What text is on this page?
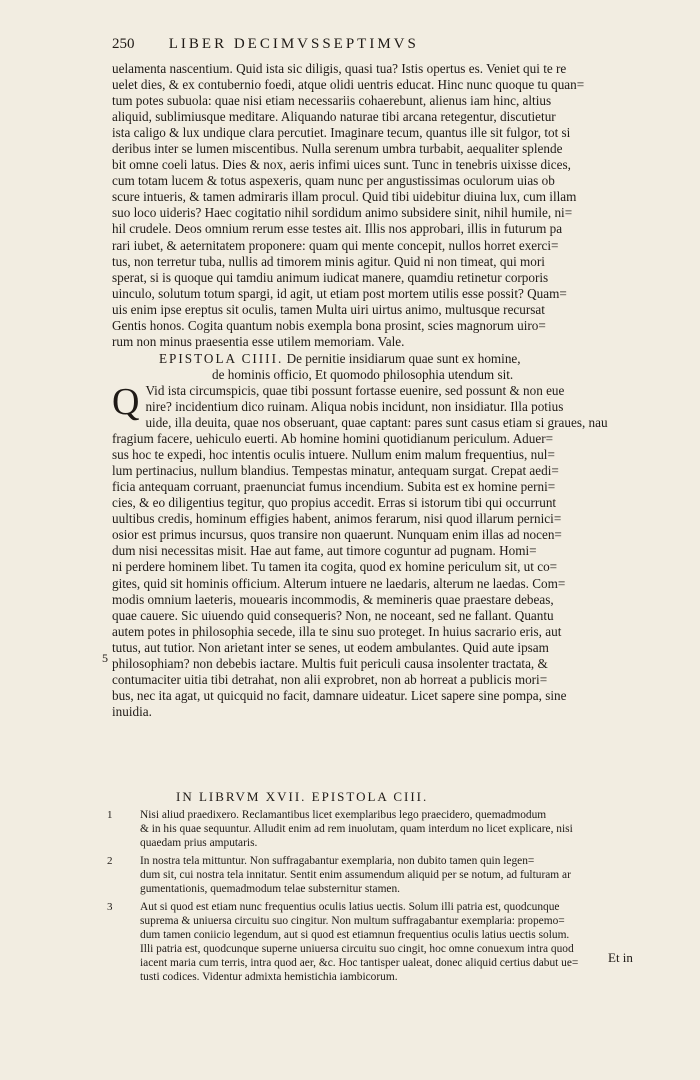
250 LIBER DECIMVSSEPTIMVS
uelamenta nascentium. Quid ista sic diligis, quasi tua? Istis opertus es. Veniet qui te re
uelet dies, & ex contubernio foedi, atque olidi uentris educat. Hinc nunc quoque tu quan=
tum potes subuola: quae nisi etiam necessariis cohaerebunt, alienus iam hinc, altius
aliquid, sublimiusque meditare. Aliquando naturae tibi arcana retegentur, discutietur
ista caligo & lux undique clara percutiet. Imaginare tecum, quantus ille sit fulgor, tot si
deribus inter se lumen miscentibus. Nulla serenum umbra turbabit, aequaliter splende
bit omne coeli latus. Dies & nox, aeris infimi uices sunt. Tunc in tenebris uixisse dices,
cum totam lucem & totus aspexeris, quam nunc per angustissimas oculorum uias ob
scure intueris, & tamen admiraris illam procul. Quid tibi uidebitur diuina lux, cum illam
suo loco uideris? Haec cogitatio nihil sordidum animo subsidere sinit, nihil humile, ni=
hil crudele. Deos omnium rerum esse testes ait. Illis nos approbari, illis in futurum pa
rari iubet, & aeternitatem proponere: quam qui mente concepit, nullos horret exerci=
tus, non terretur tuba, nullis ad timorem minis agitur. Quid ni non timeat, qui mori
sperat, si is quoque qui tamdiu animum iudicat manere, quamdiu retinetur corporis
uinculo, solutum totum spargi, id agit, ut etiam post mortem utilis esse possit? Quam=
uis enim ipse ereptus sit oculis, tamen Multa uiri uirtus animo, multusque recursat
Gentis honos. Cogita quantum nobis exempla bona prosint, scies magnorum uiro=
rum non minus praesentia esse utilem memoriam. Vale.
EPISTOLA CIIII. De pernitie insidiarum quae sunt ex homine,
de hominis officio, Et quomodo philosophia utendum sit.
Q Vid ista circumspicis, quae tibi possunt fortasse euenire, sed possunt & non eue
nire? incidentium dico ruinam. Aliqua nobis incidunt, non insidiatur. Illa potius
uide, illa deuita, quae nos obseruant, quae captant: pares sunt casus etiam si graues, nau
fragium facere, uehiculo euerti. Ab homine homini quotidianum periculum. Aduer=
sus hoc te expedi, hoc intentis oculis intuere. Nullum enim malum frequentius, nul=
lum pertinacius, nullum blandius. Tempestas minatur, antequam surgat. Crepat aedi=
ficia antequam corruant, praenunciat fumus incendium. Subita est ex homine perni=
cies, & eo diligentius tegitur, quo propius accedit. Erras si istorum tibi qui occurrunt
uultibus credis, hominum effigies habent, animos ferarum, nisi quod illarum pernici=
osior est primus incursus, quos transire non quaerunt. Nunquam enim illas ad nocen=
dum nisi necessitas misit. Hae aut fame, aut timore coguntur ad pugnam. Homi=
ni perdere hominem libet. Tu tamen ita cogita, quod ex homine periculum sit, ut co=
gites, quid sit hominis officium. Alterum intuere ne laedaris, alterum ne laedas. Com=
modis omnium laeteris, mouearis incommodis, & memineris quae praestare debeas,
quae cauere. Sic uiuendo quid consequeris? Non, ne noceant, sed ne fallant. Quantu
autem potes in philosophia secede, illa te sinu suo proteget. In huius sacrario eris, aut
tutus, aut tutior. Non arietant inter se senes, ut eodem ambulantes. Quid aute ipsam
philosophiam? non debebis iactare. Multis fuit periculi causa insolenter tractata, &
contumaciter uitia tibi detrahat, non alii exprobret, non ab horreat a publicis mori=
bus, nec ita agat, ut quicquid no facit, damnare uideatur. Licet sapere sine pompa, sine
inuidia.
5
IN LIBRVM XVII. EPISTOLA CIII.
1 Nisi aliud praedixero. Reclamantibus licet exemplaribus lego praecidero, quemadmodum
& in his quae sequuntur. Alludit enim ad rem inuolutam, quam interdum no licet explicare, nisi
quaedam prius amputaris.
2 In nostra tela mittuntur. Non suffragabantur exemplaria, non dubito tamen quin legen=
dum sit, cui nostra tela innitatur. Sentit enim assumendum aliquid per se notum, ad fulturam ar
gumentationis, quemadmodum telae substernitur stamen.
3 Aut si quod est etiam nunc frequentius oculis latius uectis. Solum illi patria est, quodcunque
suprema & uniuersa circuitu suo cingitur. Non multum suffragabantur exemplaria: propemo=
dum tamen coniicio legendum, aut si quod est etiamnun frequentius oculis latius uectis solum.
Illi patria est, quodcunque superne uniuersa circuitu suo cingit, hoc omne conuexum intra quod
iacent maria cum terris, intra quod aer, &c. Hoc tantisper ualeat, donec aliquid certius dabut ue=
tusti codices. Videntur admixta hemistichia iambicorum.
Et in
